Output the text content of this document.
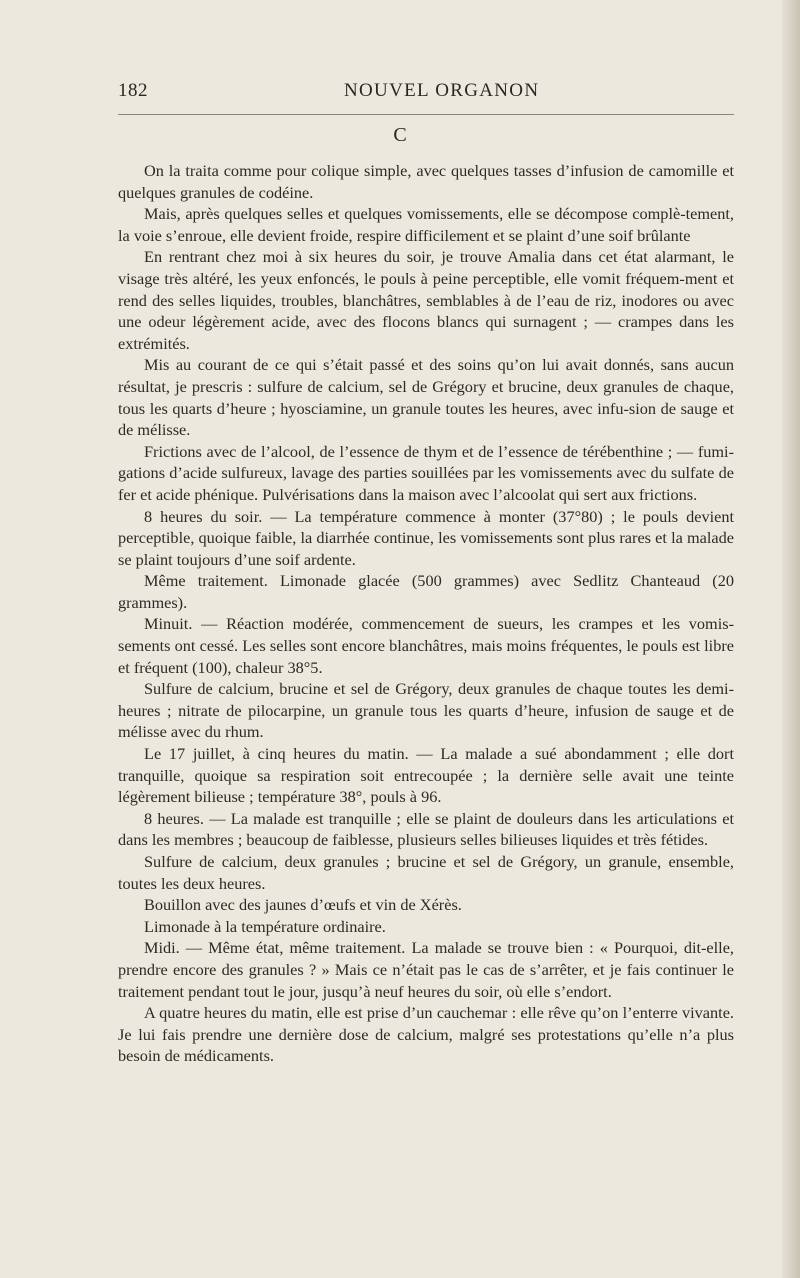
182	NOUVEL ORGANON
C

On la traita comme pour colique simple, avec quelques tasses d’infusion de camomille et quelques granules de codéine.

Mais, après quelques selles et quelques vomissements, elle se décompose complè-tement, la voie s’enroue, elle devient froide, respire difficilement et se plaint d’une soif brûlante

En rentrant chez moi à six heures du soir, je trouve Amalia dans cet état alarmant, le visage très altéré, les yeux enfoncés, le pouls à peine perceptible, elle vomit fréquem-ment et rend des selles liquides, troubles, blanchâtres, semblables à de l’eau de riz, inodores ou avec une odeur légèrement acide, avec des flocons blancs qui surnagent ; — crampes dans les extrémités.

Mis au courant de ce qui s’était passé et des soins qu’on lui avait donnés, sans aucun résultat, je prescris : sulfure de calcium, sel de Grégory et brucine, deux granules de chaque, tous les quarts d’heure ; hyosciamine, un granule toutes les heures, avec infu-sion de sauge et de mélisse.

Frictions avec de l’alcool, de l’essence de thym et de l’essence de térébenthine ; — fumi-gations d’acide sulfureux, lavage des parties souillées par les vomissements avec du sulfate de fer et acide phénique. Pulvérisations dans la maison avec l’alcoolat qui sert aux frictions.

8 heures du soir. — La température commence à monter (37°80) ; le pouls devient perceptible, quoique faible, la diarrhée continue, les vomissements sont plus rares et la malade se plaint toujours d’une soif ardente.

Même traitement. Limonade glacée (500 grammes) avec Sedlitz Chanteaud (20 grammes).

Minuit. — Réaction modérée, commencement de sueurs, les crampes et les vomis-sements ont cessé. Les selles sont encore blanchâtres, mais moins fréquentes, le pouls est libre et fréquent (100), chaleur 38°5.

Sulfure de calcium, brucine et sel de Grégory, deux granules de chaque toutes les demi-heures ; nitrate de pilocarpine, un granule tous les quarts d’heure, infusion de sauge et de mélisse avec du rhum.

Le 17 juillet, à cinq heures du matin. — La malade a sué abondamment ; elle dort tranquille, quoique sa respiration soit entrecoupée ; la dernière selle avait une teinte légèrement bilieuse ; température 38°, pouls à 96.

8 heures. — La malade est tranquille ; elle se plaint de douleurs dans les articulations et dans les membres ; beaucoup de faiblesse, plusieurs selles bilieuses liquides et très fétides.

Sulfure de calcium, deux granules ; brucine et sel de Grégory, un granule, ensemble, toutes les deux heures.

Bouillon avec des jaunes d’œufs et vin de Xérès.

Limonade à la température ordinaire.

Midi. — Même état, même traitement. La malade se trouve bien : « Pourquoi, dit-elle, prendre encore des granules ? » Mais ce n’était pas le cas de s’arrêter, et je fais continuer le traitement pendant tout le jour, jusqu’à neuf heures du soir, où elle s’endort.

A quatre heures du matin, elle est prise d’un cauchemar : elle rêve qu’on l’enterre vivante. Je lui fais prendre une dernière dose de calcium, malgré ses protestations qu’elle n’a plus besoin de médicaments.
